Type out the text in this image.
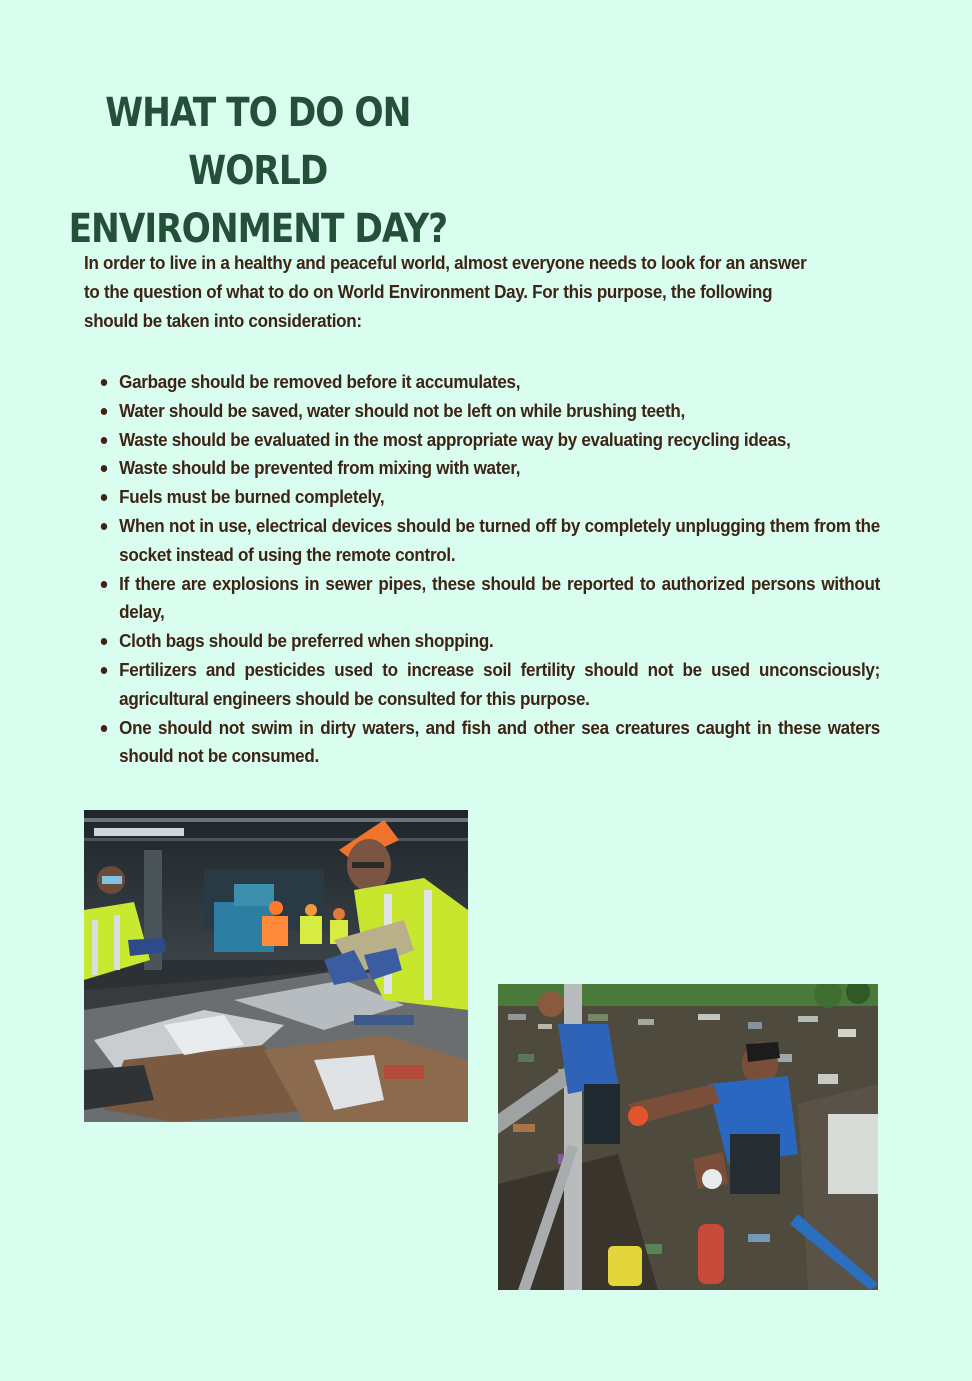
WHAT TO DO ON WORLD
ENVIRONMENT DAY?

In order to live in a healthy and peaceful world, almost everyone needs to look for an answer to the question of what to do on World Environment Day. For this purpose, the following should be taken into consideration:

Garbage should be removed before it accumulates,
Water should be saved, water should not be left on while brushing teeth,
Waste should be evaluated in the most appropriate way by evaluating recycling ideas,
Waste should be prevented from mixing with water,
Fuels must be burned completely,
When not in use, electrical devices should be turned off by completely unplugging them from the socket instead of using the remote control.
If there are explosions in sewer pipes, these should be reported to authorized persons without delay,
Cloth bags should be preferred when shopping.
Fertilizers and pesticides used to increase soil fertility should not be used unconsciously; agricultural engineers should be consulted for this purpose.
One should not swim in dirty waters, and fish and other sea creatures caught in these waters should not be consumed.
